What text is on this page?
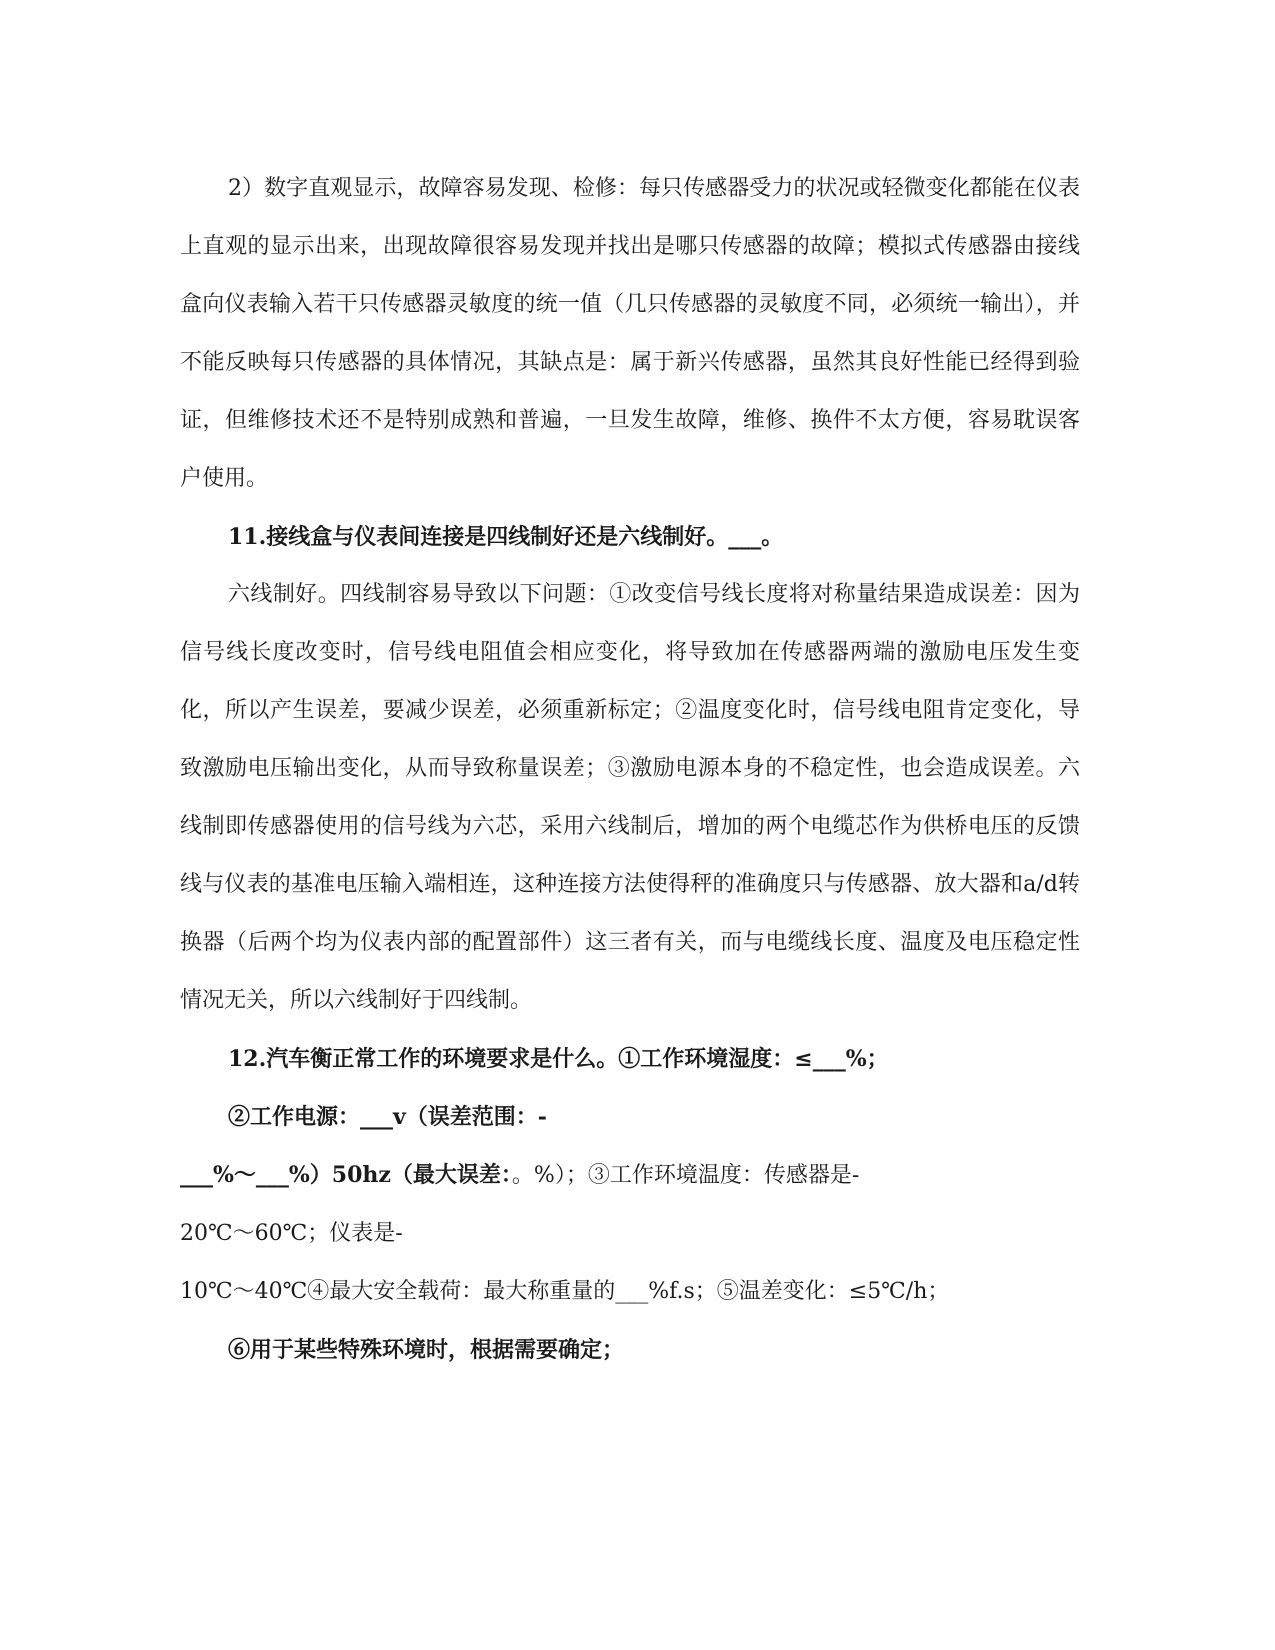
2）数字直观显示，故障容易发现、检修：每只传感器受力的状况或轻微变化都能在仪表上直观的显示出来，出现故障很容易发现并找出是哪只传感器的故障；模拟式传感器由接线盒向仪表输入若干只传感器灵敏度的统一值（几只传感器的灵敏度不同，必须统一输出），并不能反映每只传感器的具体情况，其缺点是：属于新兴传感器，虽然其良好性能已经得到验证，但维修技术还不是特别成熟和普遍，一旦发生故障，维修、换件不太方便，容易耽误客户使用。

11.接线盒与仪表间连接是四线制好还是六线制好。___。

六线制好。四线制容易导致以下问题：①改变信号线长度将对称量结果造成误差：因为信号线长度改变时，信号线电阻值会相应变化，将导致加在传感器两端的激励电压发生变化，所以产生误差，要减少误差，必须重新标定；②温度变化时，信号线电阻肯定变化，导致激励电压输出变化，从而导致称量误差；③激励电源本身的不稳定性，也会造成误差。六线制即传感器使用的信号线为六芯，采用六线制后，增加的两个电缆芯作为供桥电压的反馈线与仪表的基准电压输入端相连，这种连接方法使得秤的准确度只与传感器、放大器和a/d转换器（后两个均为仪表内部的配置部件）这三者有关，而与电缆线长度、温度及电压稳定性情况无关，所以六线制好于四线制。

12.汽车衡正常工作的环境要求是什么。①工作环境湿度：≤___%；

②工作电源：___v（误差范围：-

___%～___%）50hz（最大误差：。%）；③工作环境温度：传感器是-

20℃～60℃；仪表是-

10℃～40℃④最大安全载荷：最大称重量的___%f.s；⑤温差变化：≤5℃/h；

⑥用于某些特殊环境时，根据需要确定；
